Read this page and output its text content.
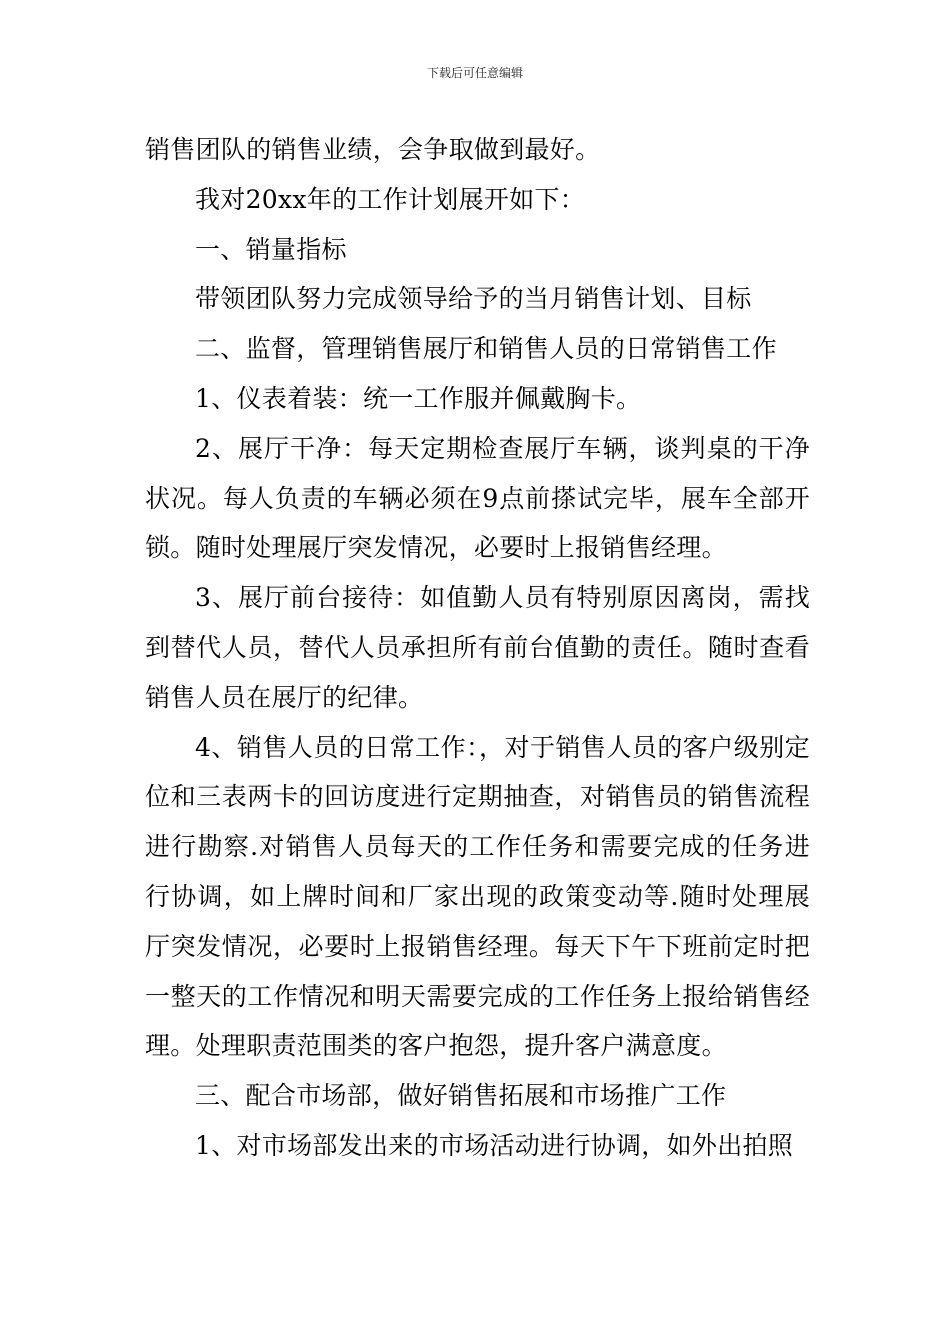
下载后可任意编辑

销售团队的销售业绩，会争取做到最好。

我对20xx年的工作计划展开如下：

一、销量指标

带领团队努力完成领导给予的当月销售计划、目标

二、监督，管理销售展厅和销售人员的日常销售工作

1、仪表着装：统一工作服并佩戴胸卡。

2、展厅干净：每天定期检查展厅车辆，谈判桌的干净状况。每人负责的车辆必须在9点前搽试完毕，展车全部开锁。随时处理展厅突发情况，必要时上报销售经理。

3、展厅前台接待：如值勤人员有特别原因离岗，需找到替代人员，替代人员承担所有前台值勤的责任。随时查看销售人员在展厅的纪律。

4、销售人员的日常工作：，对于销售人员的客户级别定位和三表两卡的回访度进行定期抽查，对销售员的销售流程进行勘察.对销售人员每天的工作任务和需要完成的任务进行协调，如上牌时间和厂家出现的政策变动等.随时处理展厅突发情况，必要时上报销售经理。每天下午下班前定时把一整天的工作情况和明天需要完成的工作任务上报给销售经理。处理职责范围类的客户抱怨，提升客户满意度。

三、配合市场部，做好销售拓展和市场推广工作

1、对市场部发出来的市场活动进行协调，如外出拍照
